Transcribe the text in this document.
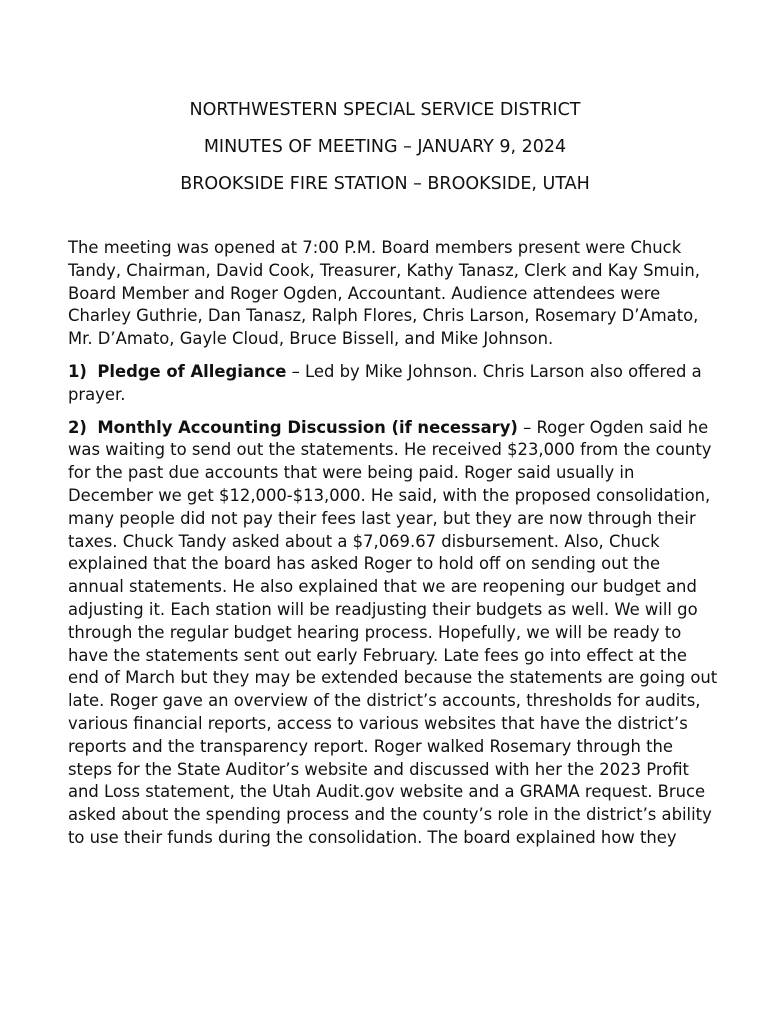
NORTHWESTERN SPECIAL SERVICE DISTRICT
MINUTES OF MEETING – JANUARY 9, 2024
BROOKSIDE FIRE STATION – BROOKSIDE, UTAH

The meeting was opened at 7:00 P.M. Board members present were Chuck Tandy, Chairman, David Cook, Treasurer, Kathy Tanasz, Clerk and Kay Smuin, Board Member and Roger Ogden, Accountant. Audience attendees were Charley Guthrie, Dan Tanasz, Ralph Flores, Chris Larson, Rosemary D’Amato, Mr. D’Amato, Gayle Cloud, Bruce Bissell, and Mike Johnson.

1) Pledge of Allegiance – Led by Mike Johnson. Chris Larson also offered a prayer.

2) Monthly Accounting Discussion (if necessary) – Roger Ogden said he was waiting to send out the statements. He received $23,000 from the county for the past due accounts that were being paid. Roger said usually in December we get $12,000-$13,000. He said, with the proposed consolidation, many people did not pay their fees last year, but they are now through their taxes. Chuck Tandy asked about a $7,069.67 disbursement. Also, Chuck explained that the board has asked Roger to hold off on sending out the annual statements. He also explained that we are reopening our budget and adjusting it. Each station will be readjusting their budgets as well. We will go through the regular budget hearing process. Hopefully, we will be ready to have the statements sent out early February. Late fees go into effect at the end of March but they may be extended because the statements are going out late. Roger gave an overview of the district’s accounts, thresholds for audits, various financial reports, access to various websites that have the district’s reports and the transparency report. Roger walked Rosemary through the steps for the State Auditor’s website and discussed with her the 2023 Profit and Loss statement, the Utah Audit.gov website and a GRAMA request. Bruce asked about the spending process and the county’s role in the district’s ability to use their funds during the consolidation. The board explained how they
